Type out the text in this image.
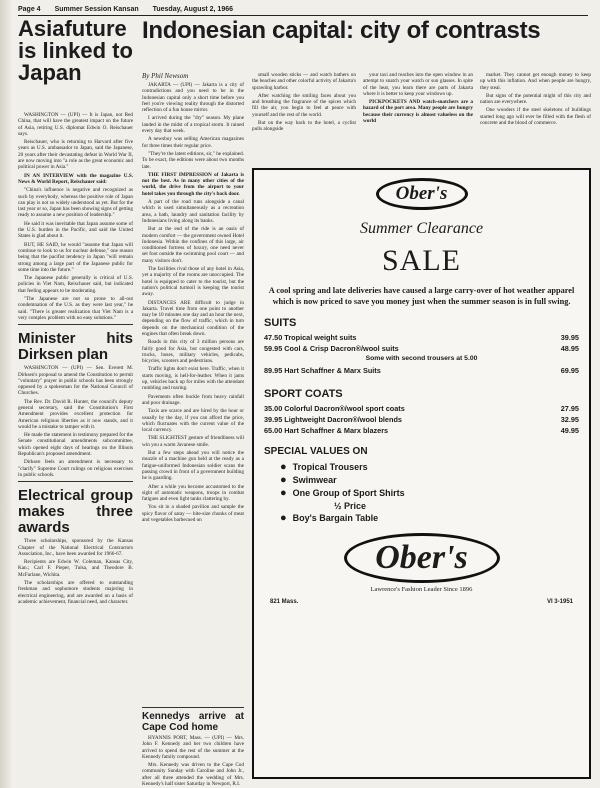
Page 4 Summer Session Kansan Tuesday, August 2, 1966
Asiafuture is linked to Japan
Indonesian capital: city of contrasts

WASHINGTON — (UPI) — It is Japan, not Red China, that will have the greatest impact on the future of Asia, retiring U.S. diplomat Edwin O. Reischauer says.

Reischauer, who is returning to Harvard after five years as U.S. ambassador to Japan, said the Japanese, 20 years after their devastating defeat in World War II, are now moving into "a role as the great economic and political power in Asia."

IN AN INTERVIEW with the magazine U.S. News & World Report, Reischauer said:

"China's influence is negative and recognized as such by everybody, whereas the positive role of Japan can play is not so widely understood as yet. But for the last year or so, Japan has been showing signs of getting ready to assume a new position of leadership."

He said it was inevitable that Japan assume some of the U.S. burden in the Pacific, and said the United States is glad about it.

BUT, HE SAID, he would "assume that Japan will continue to look to us for nuclear defense," one reason being that the pacifist tendency in Japan "will remain strong among a large part of the Japanese public for some time into the future."

The Japanese public generally is critical of U.S. policies in Viet Nam, Reischauer said, but indicated that feeling appears to be moderating.

"The Japanese are not so prone to all-out condemnation of the U.S. as they were last year," he said. "There is greater realization that Viet Nam is a very complex problem with no easy solutions."

Minister hits Dirksen plan

WASHINGTON — (UPI) — Sen. Everett M. Dirksen's proposal to amend the Constitution to permit "voluntary" prayer in public schools has been strongly opposed by a spokesman for the National Council of Churches.

The Rev. Dr. David R. Hunter, the council's deputy general secretary, said the Constitution's First Amendment provides excellent protection for American religious liberties as it now stands, and it would be a mistake to tamper with it.

He made the statement in testimony prepared for the Senate constitutional amendments subcommittee, which opened eight days of hearings on the Illinois Republican's proposed amendment.

Dirksen feels an amendment is necessary to "clarify" Supreme Court rulings on religious exercises in public schools.

Electrical group makes three awards

Three scholarships, sponsored by the Kansas Chapter of the National Electrical Contractors Association, Inc., have been awarded for 1966-67.

Recipients are Edwin W. Coleman, Kansas City, Kan.; Carl F. Pieper, Tulsa, and Theodore B. McFarlane, Wichita.

The scholarships are offered to outstanding freshman and sophomore students majoring in electrical engineering, and are awarded on a basis of academic achievement, financial need, and character.

By Phil Newsom

JAKARTA — (UPI) — Jakarta is a city of contradictions and you need to be in the Indonesian capital only a short time before you feel you're viewing reality through the distorted reflection of a fun house mirror.

I arrived during the "dry" season. My plane landed in the midst of a tropical storm. It rained every day that week.

A newsboy was selling American magazines for three times their regular price.

"They're the latest editions, sir," he explained. To be exact, the editions were about two months late.

THE FIRST IMPRESSION of Jakarta is not the best. As in many other cities of the world, the drive from the airport to your hotel takes you through the city's back door.

A part of the road runs alongside a canal which is used simultaneously as a recreation area, a bath, laundry and sanitation facility by Indonesians living along its banks.

But at the end of the ride is an oasis of modern comfort — the government owned Hotel Indonesia. Within the confines of this large, air conditioned fortress of luxury, one need never set foot outside the swimming pool court — and many visitors don't.

The facilities rival those of any hotel in Asia, yet a majority of the rooms are unoccupied. The hotel is equipped to cater to the tourist, but the nation's political turmoil is keeping the tourist away.

DISTANCES ARE difficult to judge in Jakarta. Travel time from one point to another may be 10 minutes one day and an hour the next, depending on the flow of traffic, which in turn depends on the mechanical condition of the engines that often break down.

Roads in this city of 3 million persons are fairly good for Asia, but congested with cars, trucks, buses, military vehicles, pedicabs, bicycles, scooters and pedestrians.

Traffic lights don't exist here. Traffic, when it starts moving, is hell-for-leather. When it jams up, vehicles back up for miles with the attendant rumbling and roaring.

Pavements often buckle from heavy rainfall and poor drainage.

Taxis are scarce and are hired by the hour or usually by the day, if you can afford the price, which fluctuates with the current value of the local currency.

THE SLIGHTEST gesture of friendliness will win you a warm Javanese smile.

But a few steps ahead you will notice the muzzle of a machine gun held at the ready as a fatigue-uniformed Indonesian soldier scans the passing crowd in front of a government building he is guarding.

After a while you become accustomed to the sight of automatic weapons, troops in combat fatigues and even light tanks clattering by.

You sit in a shaded pavilion and sample the spicy flavor of satay — bite-size chunks of meat and vegetables barbecued on

Kennedys arrive at Cape Cod home

HYANNIS PORT, Mass. — (UPI) — Mrs. John F. Kennedy and her two children have arrived to spend the rest of the summer at the Kennedy family compound.

Mrs. Kennedy was driven to the Cape Cod community Sunday with Caroline and John Jr., after all three attended the wedding of Mrs. Kennedy's half sister Saturday in Newport, R.I.

small wooden sticks — and watch bathers on the beaches and other colorful activity of Jakarta's sprawling harbor.

After watching the smiling faces about you and breathing the fragrance of the spices which fill the air, you begin to feel at peace with yourself and the rest of the world.

But on the way back to the hotel, a cyclist pulls alongside

your taxi and reaches into the open window in an attempt to snatch your watch or sun glasses. In spite of the heat, you learn there are parts of Jakarta where it is better to keep your windows up.

PICKPOCKETS AND watch-snatchers are a hazard of the port area. Many people are hungry because their currency is almost valueless on the world

market. They cannot get enough money to keep up with this inflation. And when people are hungry, they steal.

But signs of the potential might of this city and nation are everywhere.

One wonders if the steel skeletons of buildings started long ago will ever be filled with the flesh of concrete and the blood of commerce.

Ober's
Summer Clearance
SALE
A cool spring and late deliveries have caused a large carry-over of hot weather apparel which is now priced to save you money just when the summer season is in full swing.
SUITS
47.50 Tropical weight suits	39.95
59.95 Cool & Crisp Dacron®/wool suits	48.95
Some with second trousers at 5.00
89.95 Hart Schaffner & Marx Suits	69.95
SPORT COATS
35.00 Colorful Dacron®/wool sport coats	27.95
39.95 Lightweight Dacron®/wool blends	32.95
65.00 Hart Schaffner & Marx blazers	49.95
SPECIAL VALUES ON
● Tropical Trousers
● Swimwear
● One Group of Sport Shirts
½ Price
● Boy's Bargain Table
Ober's
Lawrence's Fashion Leader Since 1896
821 Mass.	VI 3-1951
